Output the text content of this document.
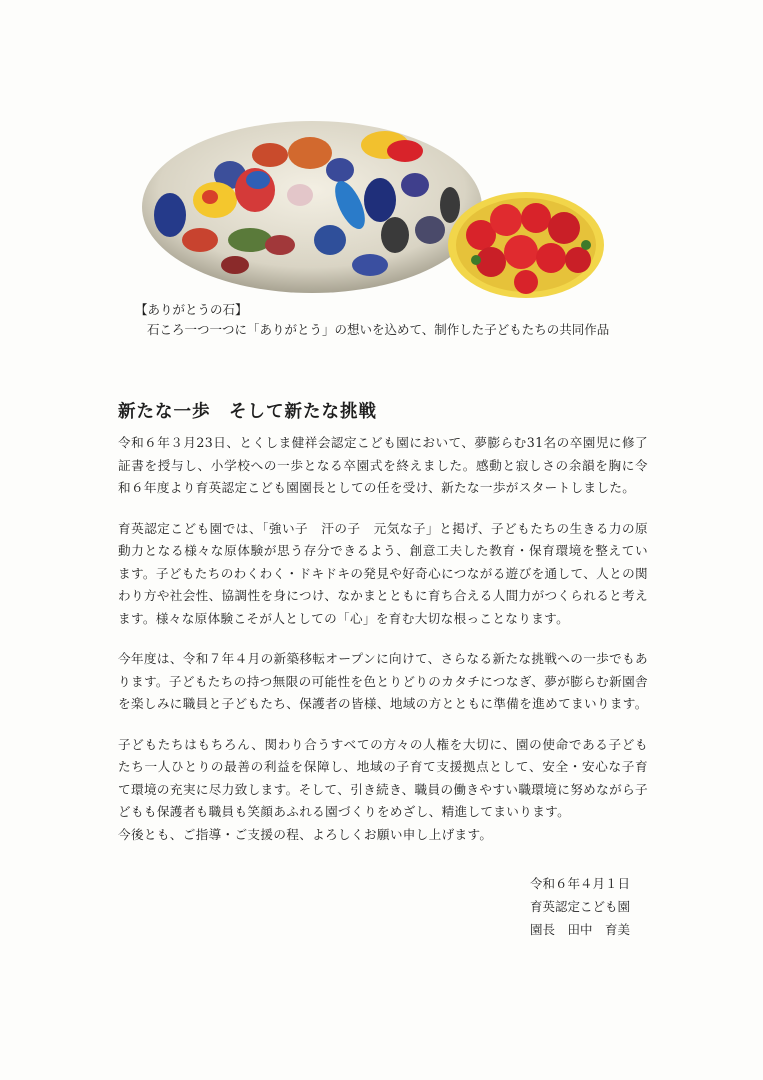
【ありがとうの石】
石ころ一つ一つに「ありがとう」の想いを込めて、制作した子どもたちの共同作品
新たな一歩　そして新たな挑戦

令和６年３月23日、とくしま健祥会認定こども園において、夢膨らむ31名の卒園児に修了証書を授与し、小学校への一歩となる卒園式を終えました。感動と寂しさの余韻を胸に令和６年度より育英認定こども園園長としての任を受け、新たな一歩がスタートしました。

育英認定こども園では、「強い子　汗の子　元気な子」と掲げ、子どもたちの生きる力の原動力となる様々な原体験が思う存分できるよう、創意工夫した教育・保育環境を整えています。子どもたちのわくわく・ドキドキの発見や好奇心につながる遊びを通して、人との関わり方や社会性、協調性を身につけ、なかまとともに育ち合える人間力がつくられると考えます。様々な原体験こそが人としての「心」を育む大切な根っことなります。

今年度は、令和７年４月の新築移転オープンに向けて、さらなる新たな挑戦への一歩でもあります。子どもたちの持つ無限の可能性を色とりどりのカタチにつなぎ、夢が膨らむ新園舎を楽しみに職員と子どもたち、保護者の皆様、地域の方とともに準備を進めてまいります。

子どもたちはもちろん、関わり合うすべての方々の人権を大切に、園の使命である子どもたち一人ひとりの最善の利益を保障し、地域の子育て支援拠点として、安全・安心な子育て環境の充実に尽力致します。そして、引き続き、職員の働きやすい職環境に努めながら子どもも保護者も職員も笑顔あふれる園づくりをめざし、精進してまいります。

今後とも、ご指導・ご支援の程、よろしくお願い申し上げます。

令和６年４月１日
育英認定こども園
園長　田中　育美
